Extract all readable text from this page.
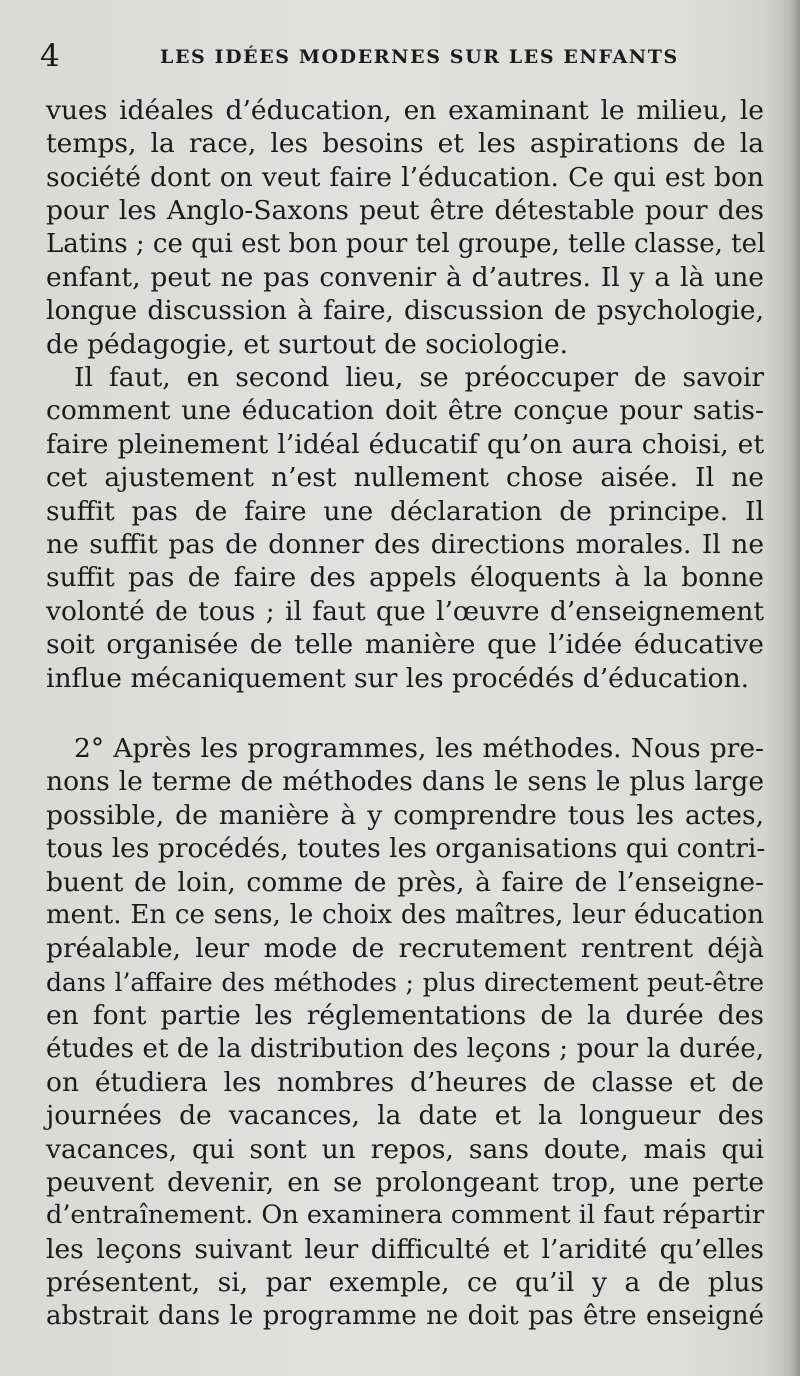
4	LES IDÉES MODERNES SUR LES ENFANTS
vues idéales d’éducation, en examinant le milieu, le
temps, la race, les besoins et les aspirations de la
société dont on veut faire l’éducation. Ce qui est bon
pour les Anglo-Saxons peut être détestable pour des
Latins ; ce qui est bon pour tel groupe, telle classe, tel
enfant, peut ne pas convenir à d’autres. Il y a là une
longue discussion à faire, discussion de psychologie,
de pédagogie, et surtout de sociologie.
Il faut, en second lieu, se préoccuper de savoir
comment une éducation doit être conçue pour satis-
faire pleinement l’idéal éducatif qu’on aura choisi, et
cet ajustement n’est nullement chose aisée. Il ne
suffit pas de faire une déclaration de principe. Il
ne suffit pas de donner des directions morales. Il ne
suffit pas de faire des appels éloquents à la bonne
volonté de tous ; il faut que l’œuvre d’enseignement
soit organisée de telle manière que l’idée éducative
influe mécaniquement sur les procédés d’éducation.
2° Après les programmes, les méthodes. Nous pre-
nons le terme de méthodes dans le sens le plus large
possible, de manière à y comprendre tous les actes,
tous les procédés, toutes les organisations qui contri-
buent de loin, comme de près, à faire de l’enseigne-
ment. En ce sens, le choix des maîtres, leur éducation
préalable, leur mode de recrutement rentrent déjà
dans l’affaire des méthodes ; plus directement peut-être
en font partie les réglementations de la durée des
études et de la distribution des leçons ; pour la durée,
on étudiera les nombres d’heures de classe et de
journées de vacances, la date et la longueur des
vacances, qui sont un repos, sans doute, mais qui
peuvent devenir, en se prolongeant trop, une perte
d’entraînement. On examinera comment il faut répartir
les leçons suivant leur difficulté et l’aridité qu’elles
présentent, si, par exemple, ce qu’il y a de plus
abstrait dans le programme ne doit pas être enseigné
